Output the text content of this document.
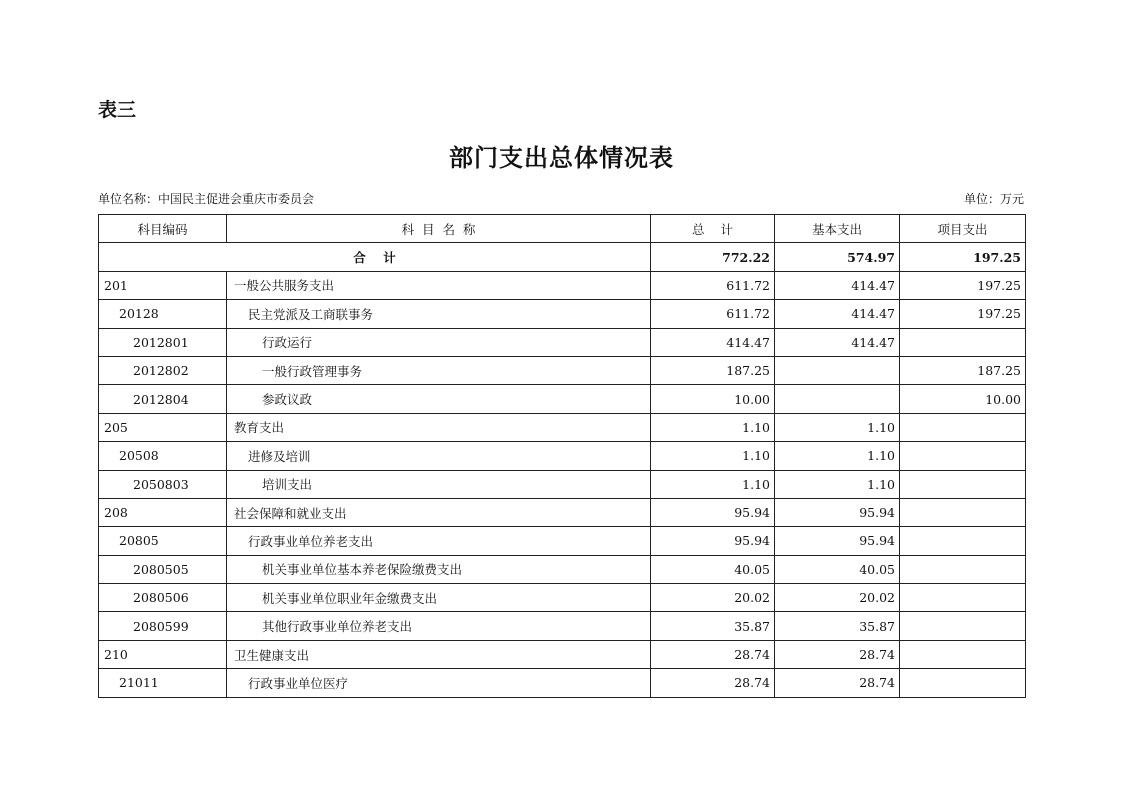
表三
部门支出总体情况表
单位名称：中国民主促进会重庆市委员会	单位：万元
科目编码	科  目  名  称	总    计	基本支出	项目支出
合    计		772.22	574.97	197.25
201	一般公共服务支出	611.72	414.47	197.25
20128	民主党派及工商联事务	611.72	414.47	197.25
2012801	行政运行	414.47	414.47	
2012802	一般行政管理事务	187.25		187.25
2012804	参政议政	10.00		10.00
205	教育支出	1.10	1.10	
20508	进修及培训	1.10	1.10	
2050803	培训支出	1.10	1.10	
208	社会保障和就业支出	95.94	95.94	
20805	行政事业单位养老支出	95.94	95.94	
2080505	机关事业单位基本养老保险缴费支出	40.05	40.05	
2080506	机关事业单位职业年金缴费支出	20.02	20.02	
2080599	其他行政事业单位养老支出	35.87	35.87	
210	卫生健康支出	28.74	28.74	
21011	行政事业单位医疗	28.74	28.74	
